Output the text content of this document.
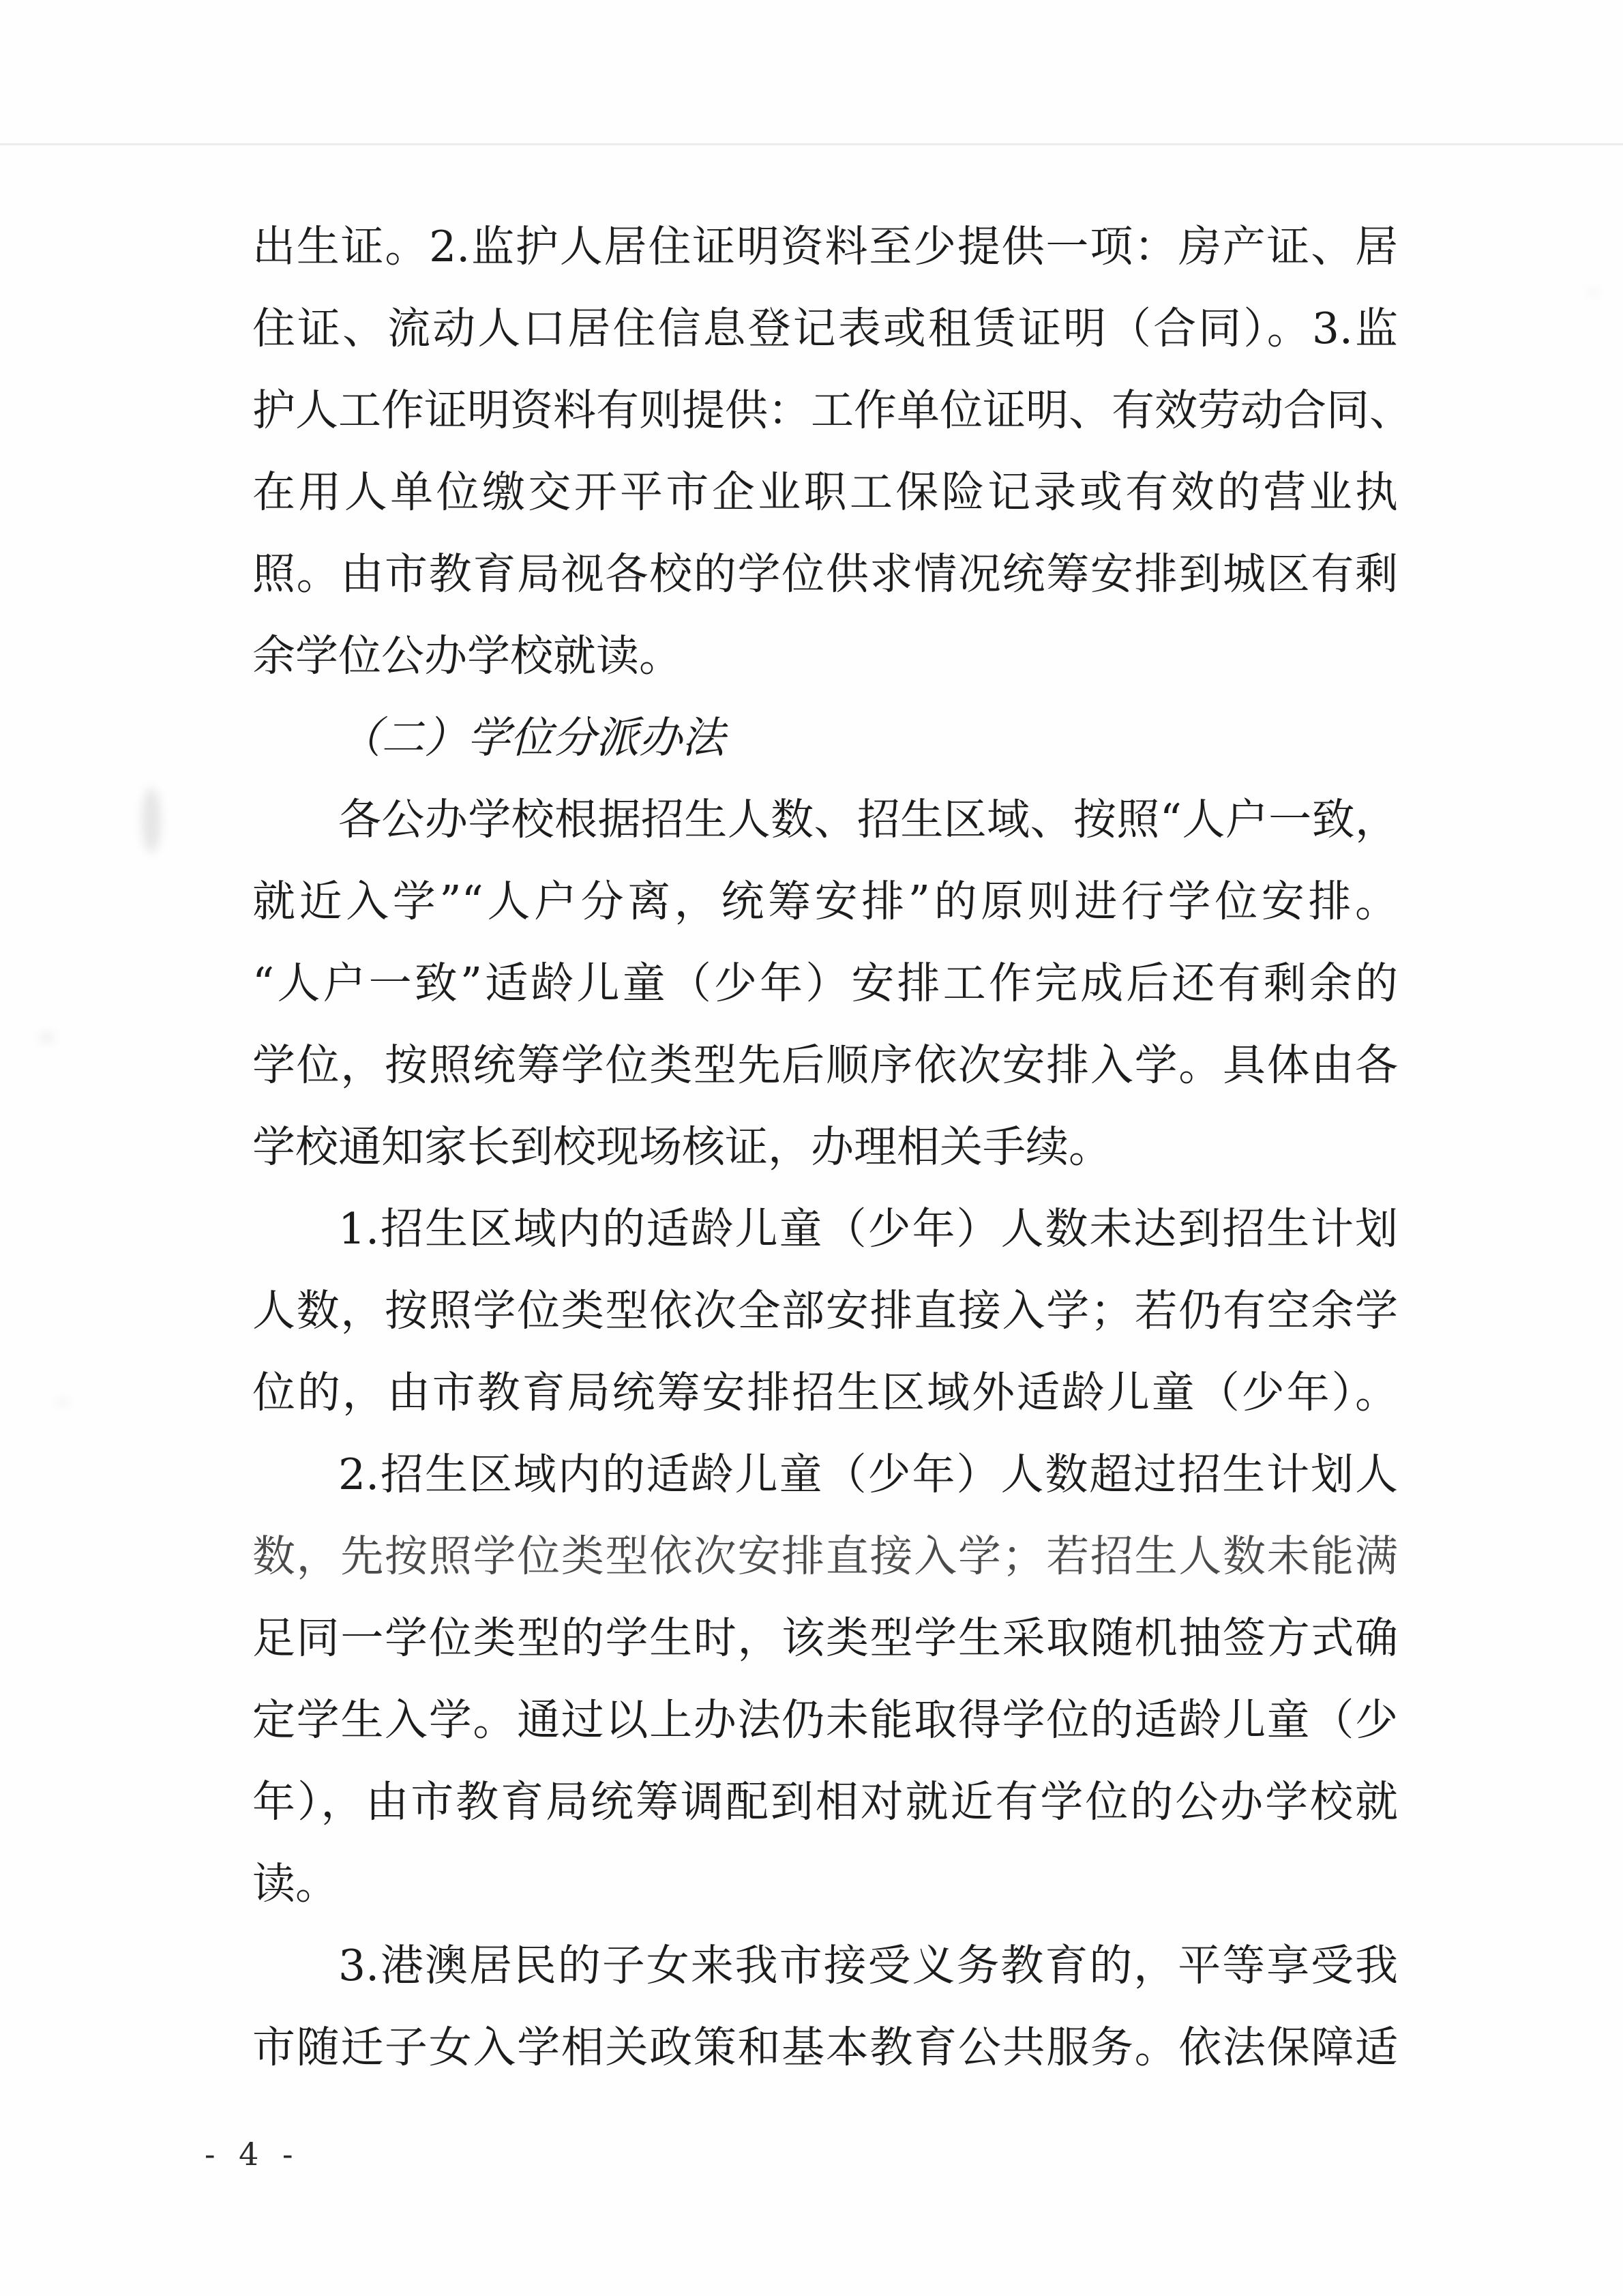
出生证。2.监护人居住证明资料至少提供一项：房产证、居
住证、流动人口居住信息登记表或租赁证明（合同）。3.监
护人工作证明资料有则提供：工作单位证明、有效劳动合同、
在用人单位缴交开平市企业职工保险记录或有效的营业执
照。由市教育局视各校的学位供求情况统筹安排到城区有剩
余学位公办学校就读。
（二）学位分派办法
各公办学校根据招生人数、招生区域、按照“人户一致，
就近入学”“人户分离，统筹安排”的原则进行学位安排。
“人户一致”适龄儿童（少年）安排工作完成后还有剩余的
学位，按照统筹学位类型先后顺序依次安排入学。具体由各
学校通知家长到校现场核证，办理相关手续。
1.招生区域内的适龄儿童（少年）人数未达到招生计划
人数，按照学位类型依次全部安排直接入学；若仍有空余学
位的，由市教育局统筹安排招生区域外适龄儿童（少年）。
2.招生区域内的适龄儿童（少年）人数超过招生计划人
数，先按照学位类型依次安排直接入学；若招生人数未能满
足同一学位类型的学生时，该类型学生采取随机抽签方式确
定学生入学。通过以上办法仍未能取得学位的适龄儿童（少
年），由市教育局统筹调配到相对就近有学位的公办学校就
读。
3.港澳居民的子女来我市接受义务教育的，平等享受我
市随迁子女入学相关政策和基本教育公共服务。依法保障适
- 4 -
